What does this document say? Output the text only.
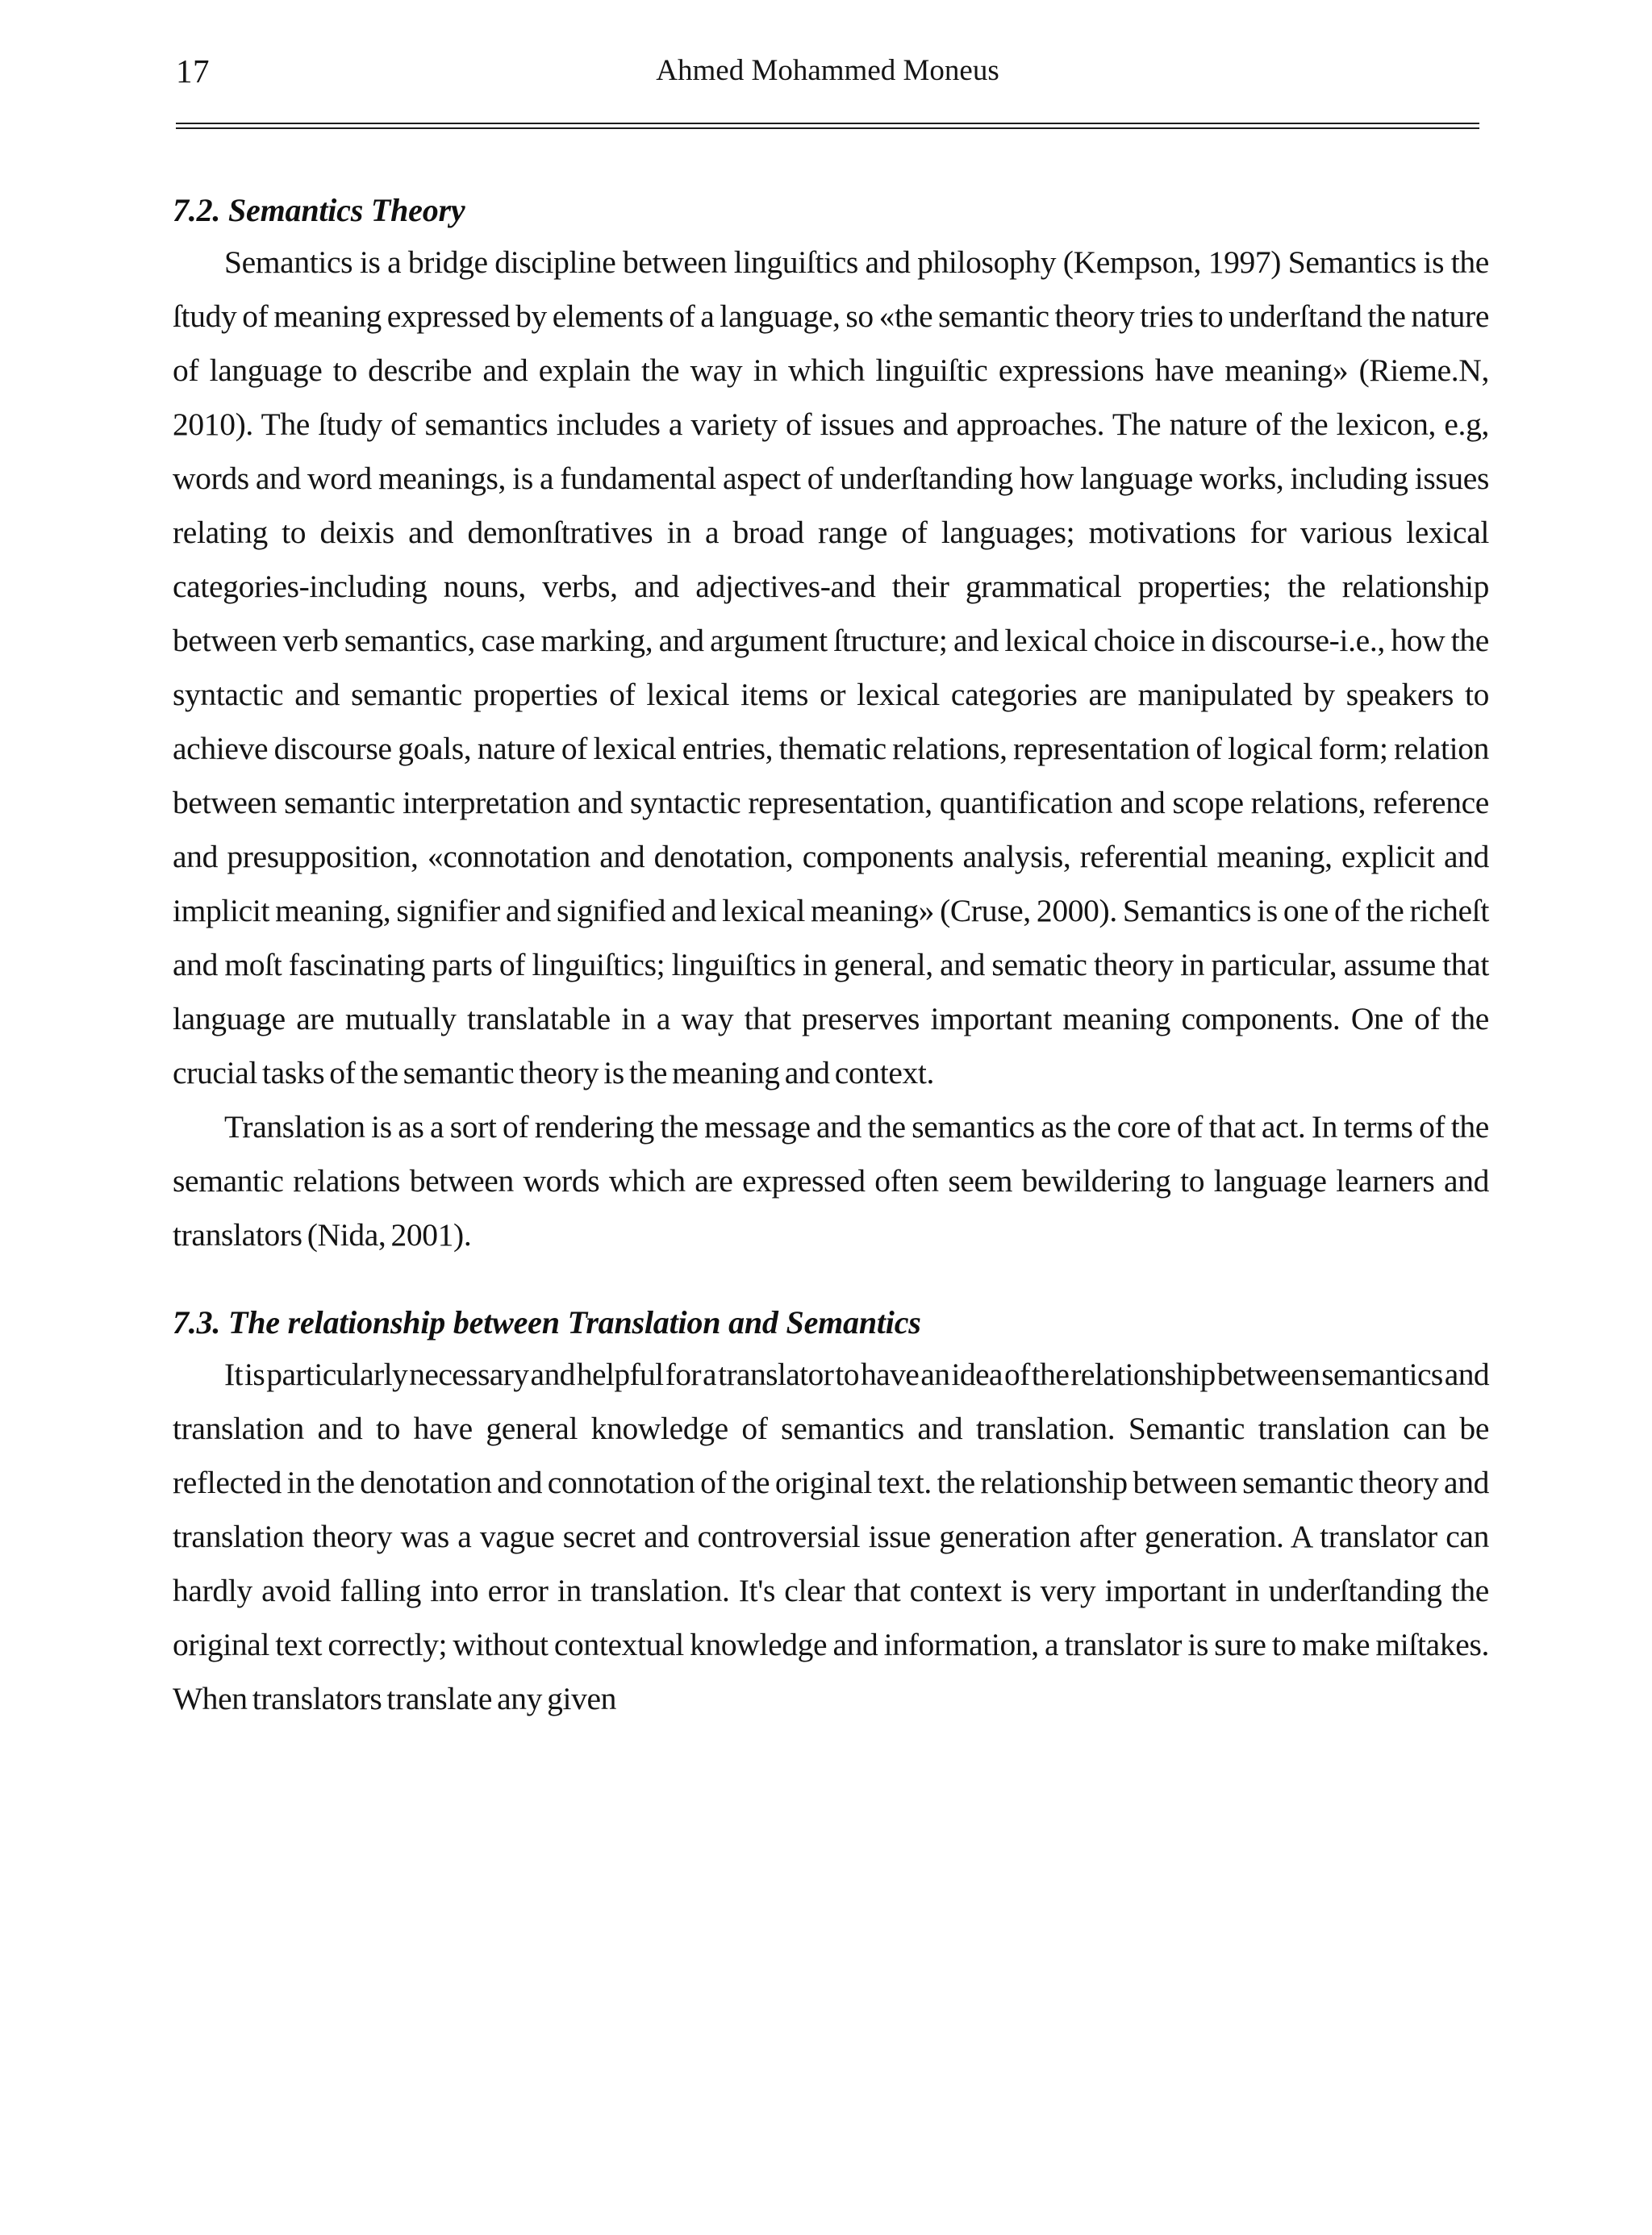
17	Ahmed Mohammed Moneus
7.2. Semantics Theory

Semantics is a bridge discipline between linguiſtics and philosophy (Kempson, 1997) Semantics is the ſtudy of meaning expressed by elements of a language, so «the semantic theory tries to underſtand the nature of language to describe and explain the way in which linguiſtic expressions have meaning» (Rieme.N, 2010). The ſtudy of semantics includes a variety of issues and approaches. The nature of the lexicon, e.g, words and word meanings, is a fundamental aspect of underſtanding how language works, including issues relating to deixis and demonſtratives in a broad range of languages; motivations for various lexical categories-including nouns, verbs, and adjectives-and their grammatical properties; the relationship between verb semantics, case marking, and argument ſtructure; and lexical choice in discourse-i.e., how the syntactic and semantic properties of lexical items or lexical categories are manipulated by speakers to achieve discourse goals, nature of lexical entries, thematic relations, representation of logical form; relation between semantic interpretation and syntactic representation, quantification and scope relations, reference and presupposition, «connotation and denotation, components analysis, referential meaning, explicit and implicit meaning, signifier and signified and lexical meaning» (Cruse, 2000). Semantics is one of the richeſt and moſt fascinating parts of linguiſtics; linguiſtics in general, and sematic theory in particular, assume that language are mutually translatable in a way that preserves important meaning components. One of the crucial tasks of the semantic theory is the meaning and context.

Translation is as a sort of rendering the message and the semantics as the core of that act. In terms of the semantic relations between words which are expressed often seem bewildering to language learners and translators (Nida, 2001).

7.3. The relationship between Translation and Semantics

It is particularly necessary and helpful for a translator to have an idea of the relationship between semantics and translation and to have general knowledge of semantics and translation. Semantic translation can be reflected in the denotation and connotation of the original text. the relationship between semantic theory and translation theory was a vague secret and controversial issue generation after generation. A translator can hardly avoid falling into error in translation. It's clear that context is very important in underſtanding the original text correctly; without contextual knowledge and information, a translator is sure to make miſtakes. When translators translate any given
